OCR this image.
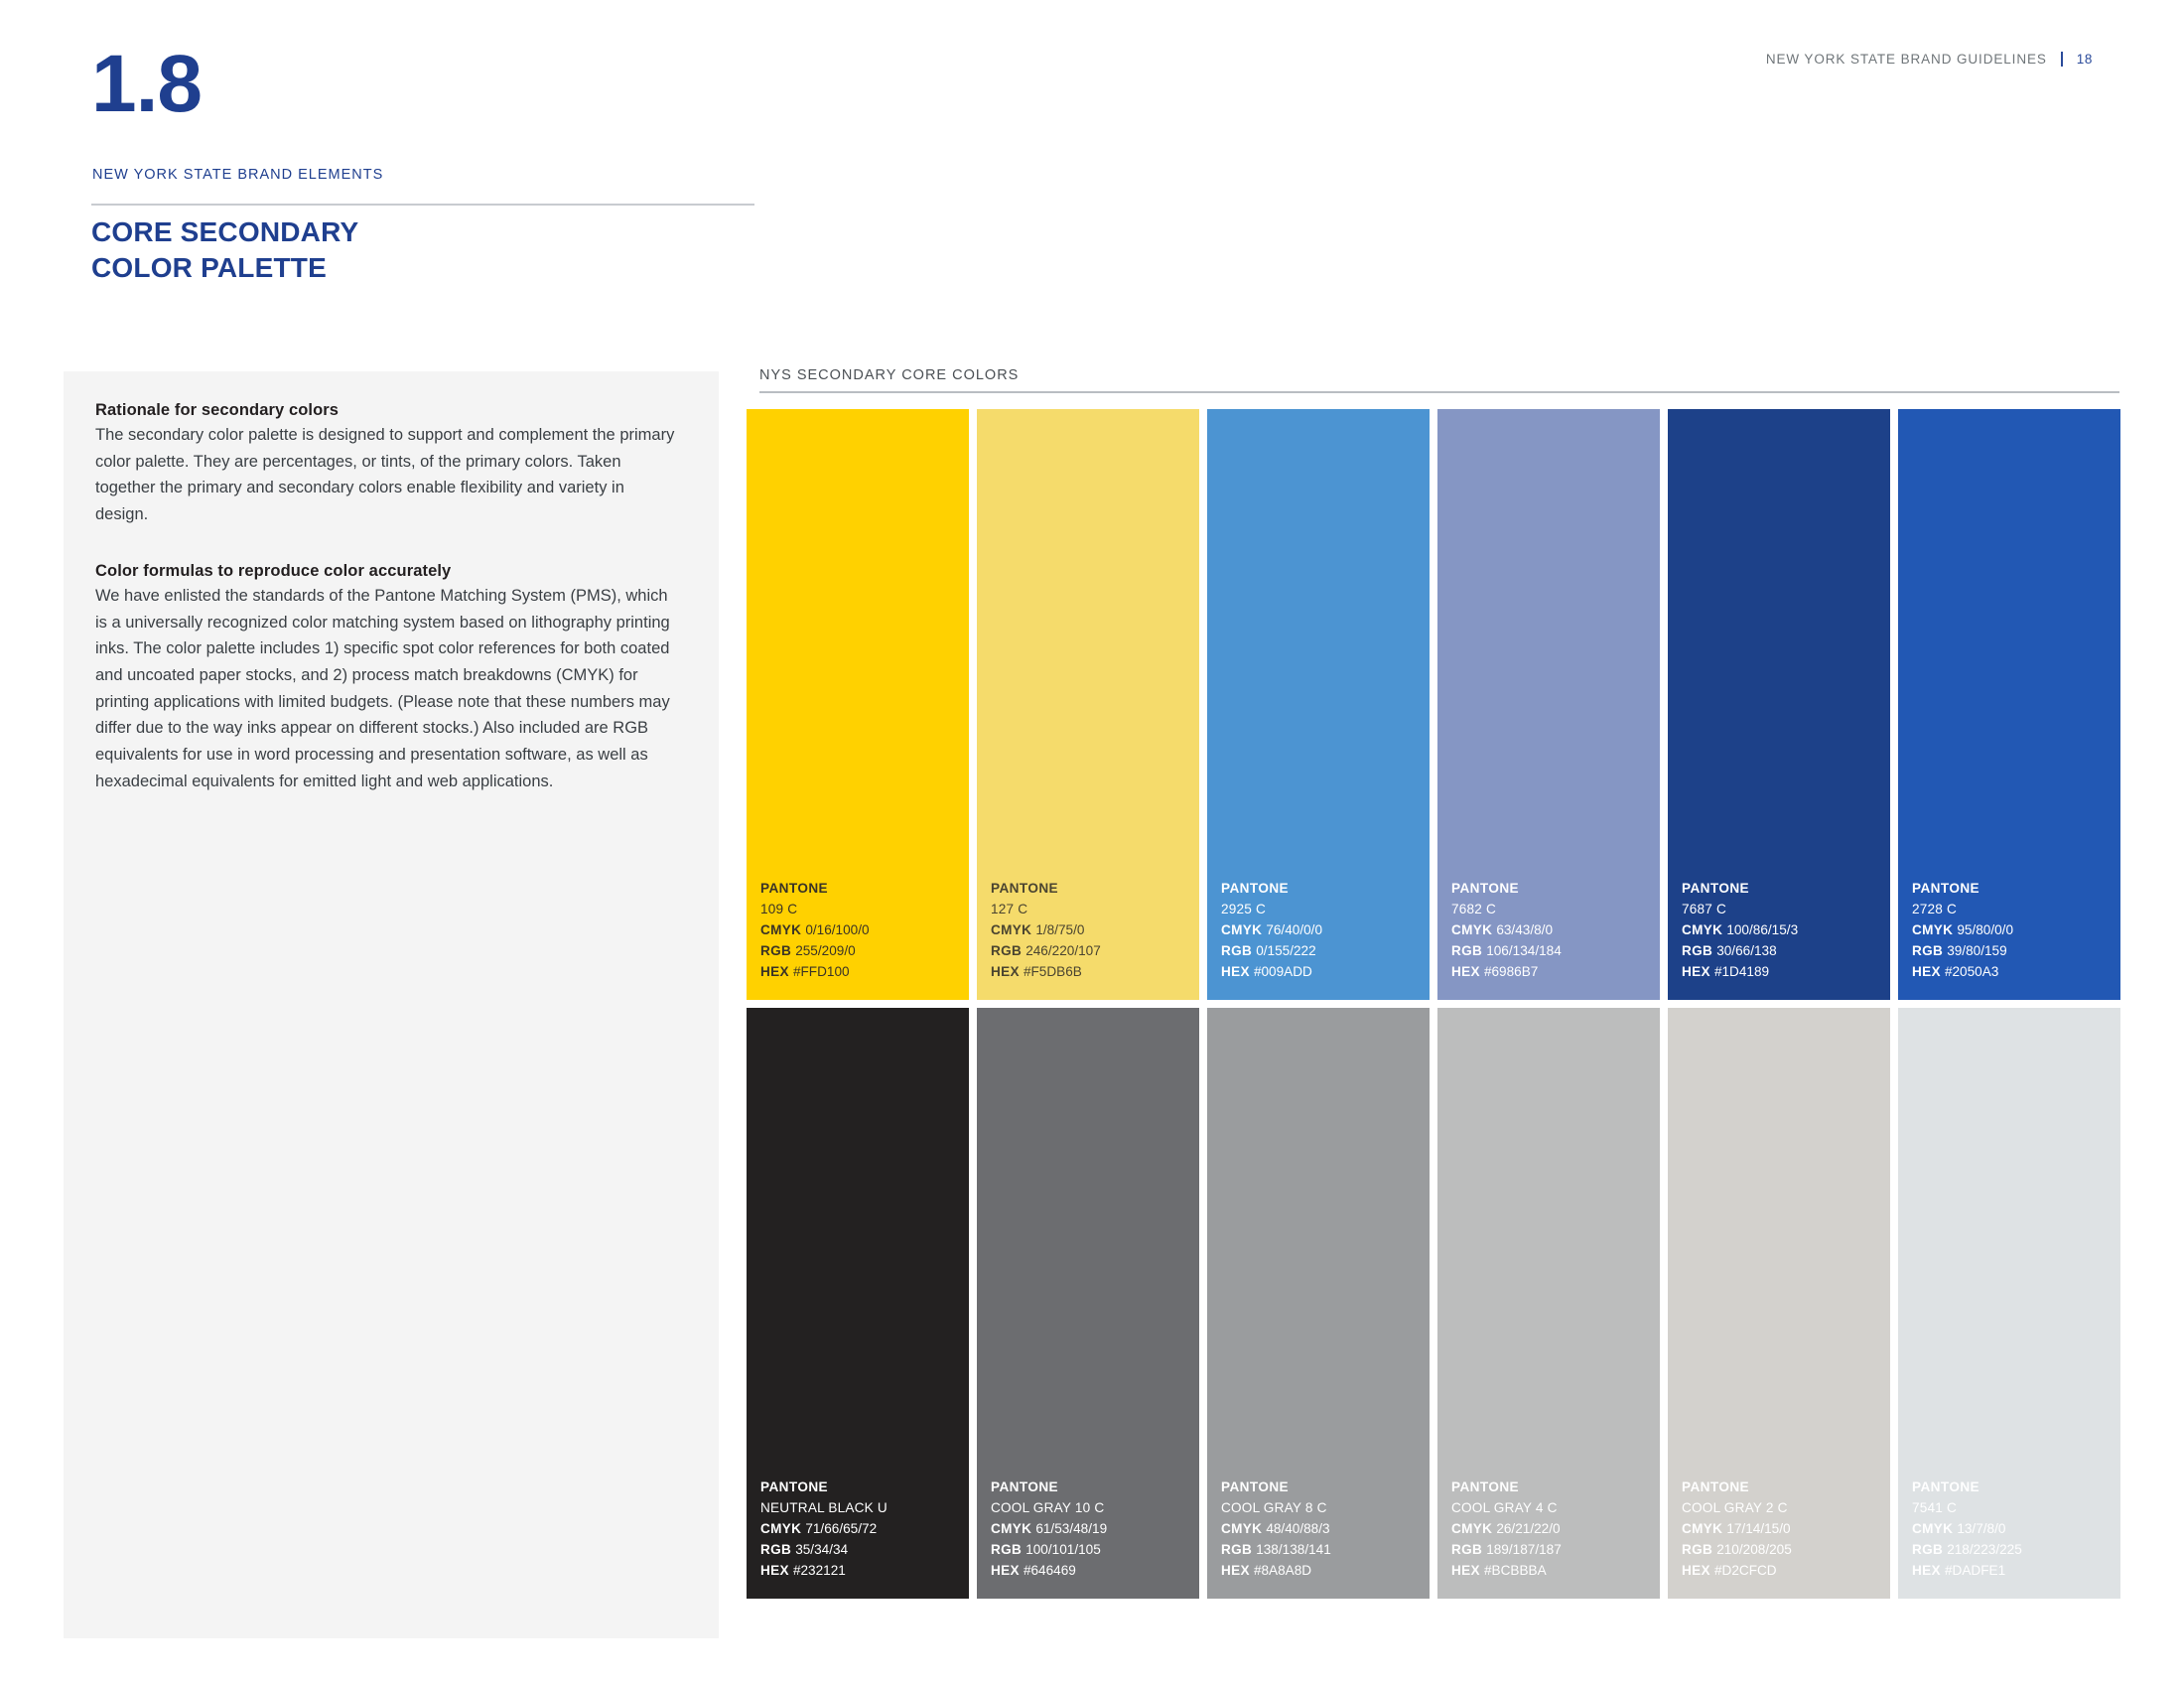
NEW YORK STATE BRAND GUIDELINES 18
1.8
NEW YORK STATE BRAND ELEMENTS
CORE SECONDARY
COLOR PALETTE
Rationale for secondary colors

The secondary color palette is designed to support and complement the primary color palette. They are percentages, or tints, of the primary colors. Taken together the primary and secondary colors enable flexibility and variety in design.

Color formulas to reproduce color accurately

We have enlisted the standards of the Pantone Matching System (PMS), which is a universally recognized color matching system based on lithography printing inks. The color palette includes 1) specific spot color references for both coated and uncoated paper stocks, and 2) process match breakdowns (CMYK) for printing applications with limited budgets. (Please note that these numbers may differ due to the way inks appear on different stocks.) Also included are RGB equivalents for use in word processing and presentation software, as well as hexadecimal equivalents for emitted light and web applications.

NYS SECONDARY CORE COLORS
PANTONE
109 C
CMYK 0/16/100/0
RGB 255/209/0
HEX #FFD100
PANTONE
127 C
CMYK 1/8/75/0
RGB 246/220/107
HEX #F5DB6B
PANTONE
2925 C
CMYK 76/40/0/0
RGB 0/155/222
HEX #009ADD
PANTONE
7682 C
CMYK 63/43/8/0
RGB 106/134/184
HEX #6986B7
PANTONE
7687 C
CMYK 100/86/15/3
RGB 30/66/138
HEX #1D4189
PANTONE
2728 C
CMYK 95/80/0/0
RGB 39/80/159
HEX #2050A3
PANTONE
NEUTRAL BLACK U
CMYK 71/66/65/72
RGB 35/34/34
HEX #232121
PANTONE
COOL GRAY 10 C
CMYK 61/53/48/19
RGB 100/101/105
HEX #646469
PANTONE
COOL GRAY 8 C
CMYK 48/40/88/3
RGB 138/138/141
HEX #8A8A8D
PANTONE
COOL GRAY 4 C
CMYK 26/21/22/0
RGB 189/187/187
HEX #BCBBBA
PANTONE
COOL GRAY 2 C
CMYK 17/14/15/0
RGB 210/208/205
HEX #D2CFCD
PANTONE
7541 C
CMYK 13/7/8/0
RGB 218/223/225
HEX #DADFE1
